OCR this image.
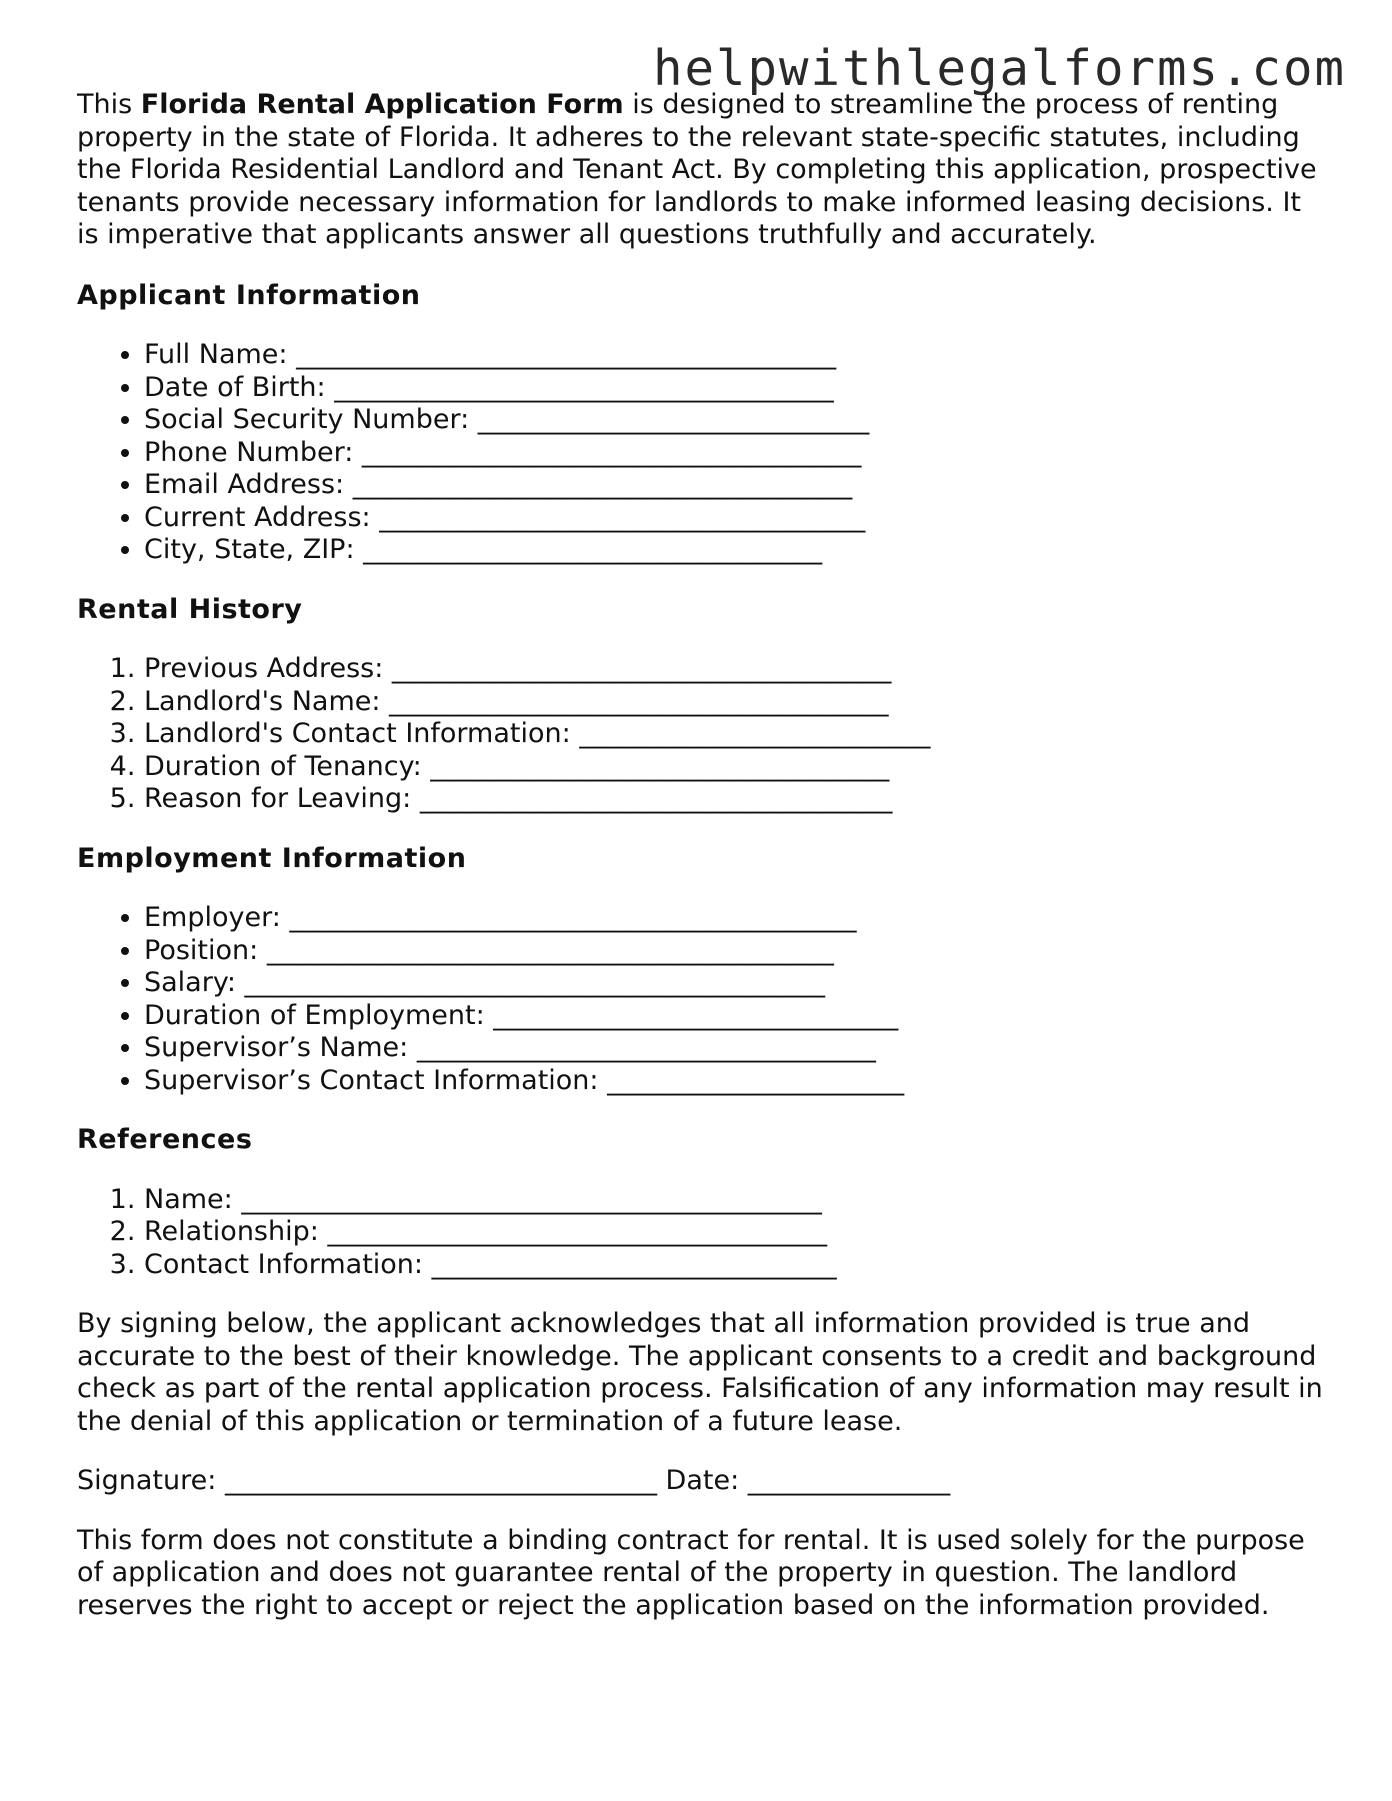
helpwithlegalforms.com

This Florida Rental Application Form is designed to streamline the process of renting property in the state of Florida. It adheres to the relevant state-specific statutes, including the Florida Residential Landlord and Tenant Act. By completing this application, prospective tenants provide necessary information for landlords to make informed leasing decisions. It is imperative that applicants answer all questions truthfully and accurately.

Applicant Information
• Full Name: ________________________________________
• Date of Birth: _____________________________________
• Social Security Number: _____________________________
• Phone Number: _____________________________________
• Email Address: _____________________________________
• Current Address: ____________________________________
• City, State, ZIP: __________________________________
Rental History
1. Previous Address: _____________________________________
2. Landlord's Name: _____________________________________
3. Landlord's Contact Information: __________________________
4. Duration of Tenancy: __________________________________
5. Reason for Leaving: ___________________________________
Employment Information
• Employer: __________________________________________
• Position: __________________________________________
• Salary: ___________________________________________
• Duration of Employment: ______________________________
• Supervisor’s Name: __________________________________
• Supervisor’s Contact Information: ______________________
References
1. Name: ___________________________________________
2. Relationship: _____________________________________
3. Contact Information: ______________________________

By signing below, the applicant acknowledges that all information provided is true and accurate to the best of their knowledge. The applicant consents to a credit and background check as part of the rental application process. Falsification of any information may result in the denial of this application or termination of a future lease.

Signature: ________________________________ Date: _______________

This form does not constitute a binding contract for rental. It is used solely for the purpose of application and does not guarantee rental of the property in question. The landlord reserves the right to accept or reject the application based on the information provided.
